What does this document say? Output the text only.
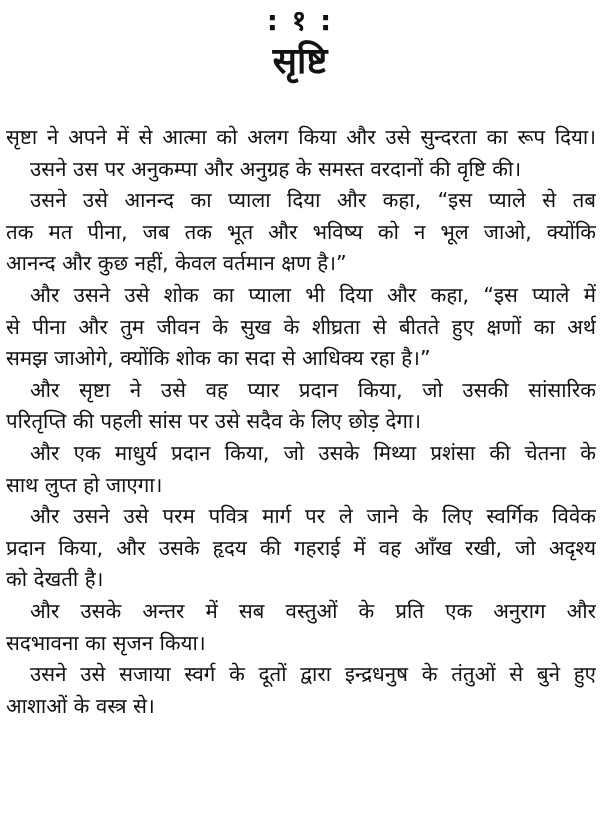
: १ :
सृष्टि
सृष्टा ने अपने में से आत्मा को अलग किया और उसे सुन्दरता का रूप दिया।
उसने उस पर अनुकम्पा और अनुग्रह के समस्त वरदानों की वृष्टि की।
उसने उसे आनन्द का प्याला दिया और कहा, “इस प्याले से तब
तक मत पीना, जब तक भूत और भविष्य को न भूल जाओ, क्योंकि
आनन्द और कुछ नहीं, केवल वर्तमान क्षण है।”
और उसने उसे शोक का प्याला भी दिया और कहा, “इस प्याले में
से पीना और तुम जीवन के सुख के शीघ्रता से बीतते हुए क्षणों का अर्थ
समझ जाओगे, क्योंकि शोक का सदा से आधिक्य रहा है।”
और सृष्टा ने उसे वह प्यार प्रदान किया, जो उसकी सांसारिक
परितृप्ति की पहली सांस पर उसे सदैव के लिए छोड़ देगा।
और एक माधुर्य प्रदान किया, जो उसके मिथ्या प्रशंसा की चेतना के
साथ लुप्त हो जाएगा।
और उसने उसे परम पवित्र मार्ग पर ले जाने के लिए स्वर्गिक विवेक
प्रदान किया, और उसके हृदय की गहराई में वह आँख रखी, जो अदृश्य
को देखती है।
और उसके अन्तर में सब वस्तुओं के प्रति एक अनुराग और
सदभावना का सृजन किया।
उसने उसे सजाया स्वर्ग के दूतों द्वारा इन्द्रधनुष के तंतुओं से बुने हुए
आशाओं के वस्त्र से।
